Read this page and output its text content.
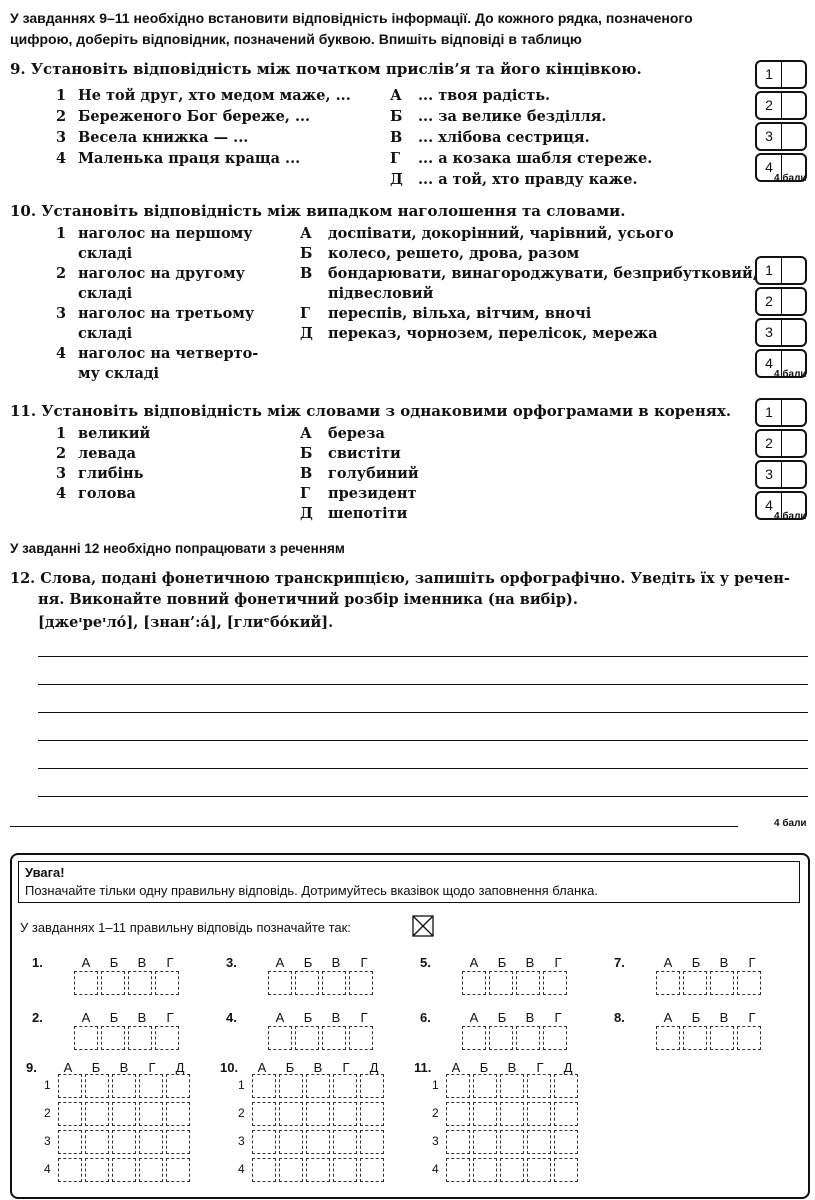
У завданнях 9–11 необхідно встановити відповідність інформації. До кожного рядка, позначеного цифрою, доберіть відповідник, позначений буквою. Впишіть відповіді в таблицю
9. Установіть відповідність між початком прислів’я та його кінцівкою.
1 Не той друг, хто медом маже, ...
2 Береженого Бог береже, ...
3 Весела книжка — ...
4 Маленька праця краща ...
А ... твоя радість.
Б ... за велике безділля.
В ... хлібова сестриця.
Г ... а козака шабля стереже.
Д ... а той, хто правду каже.
10. Установіть відповідність між випадком наголошення та словами.
1 наголос на першому
складі
2 наголос на другому
складі
3 наголос на третьому
складі
4 наголос на четверто-
му складі
А доспівати, докорінний, чарівний, усього
Б колесо, решето, дрова, разом
В бондарювати, винагороджувати, безприбутковий,
підвесловий
Г переспів, вільха, вітчим, вночі
Д переказ, чорнозем, перелісок, мережа
11. Установіть відповідність між словами з однаковими орфограмами в коренях.
1 великий
2 левада
3 глибінь
4 голова
А береза
Б свистіти
В голубиний
Г президент
Д шепотіти
1
2
3
4
4 бали
1
2
3
4
4 бали
1
2
3
4
4 бали
У завданні 12 необхідно попрацювати з реченням
12. Слова, подані фонетичною транскрипцією, запишіть орфографічно. Уведіть їх у речен-
ня. Виконайте повний фонетичний розбір іменника (на вибір).
[джеᶦреᶦло́], [знан’:а́], [глиᵉбо́кий].
4 бали
Увага!
Позначайте тільки одну правильну відповідь. Дотримуйтесь вказівок щодо заповнення бланка.
У завданнях 1–11 правильну відповідь позначайте так:
1.	А	Б	В	Г	3.	А	Б	В	Г	5.	А	Б	В	Г	7.	А	Б	В	Г
2.	А	Б	В	Г	4.	А	Б	В	Г	6.	А	Б	В	Г	8.	А	Б	В	Г
9.	А	Б	В	Г	Д
1
2
3
4
10.	А	Б	В	Г	Д
1
2
3
4
11.	А	Б	В	Г	Д
1
2
3
4
